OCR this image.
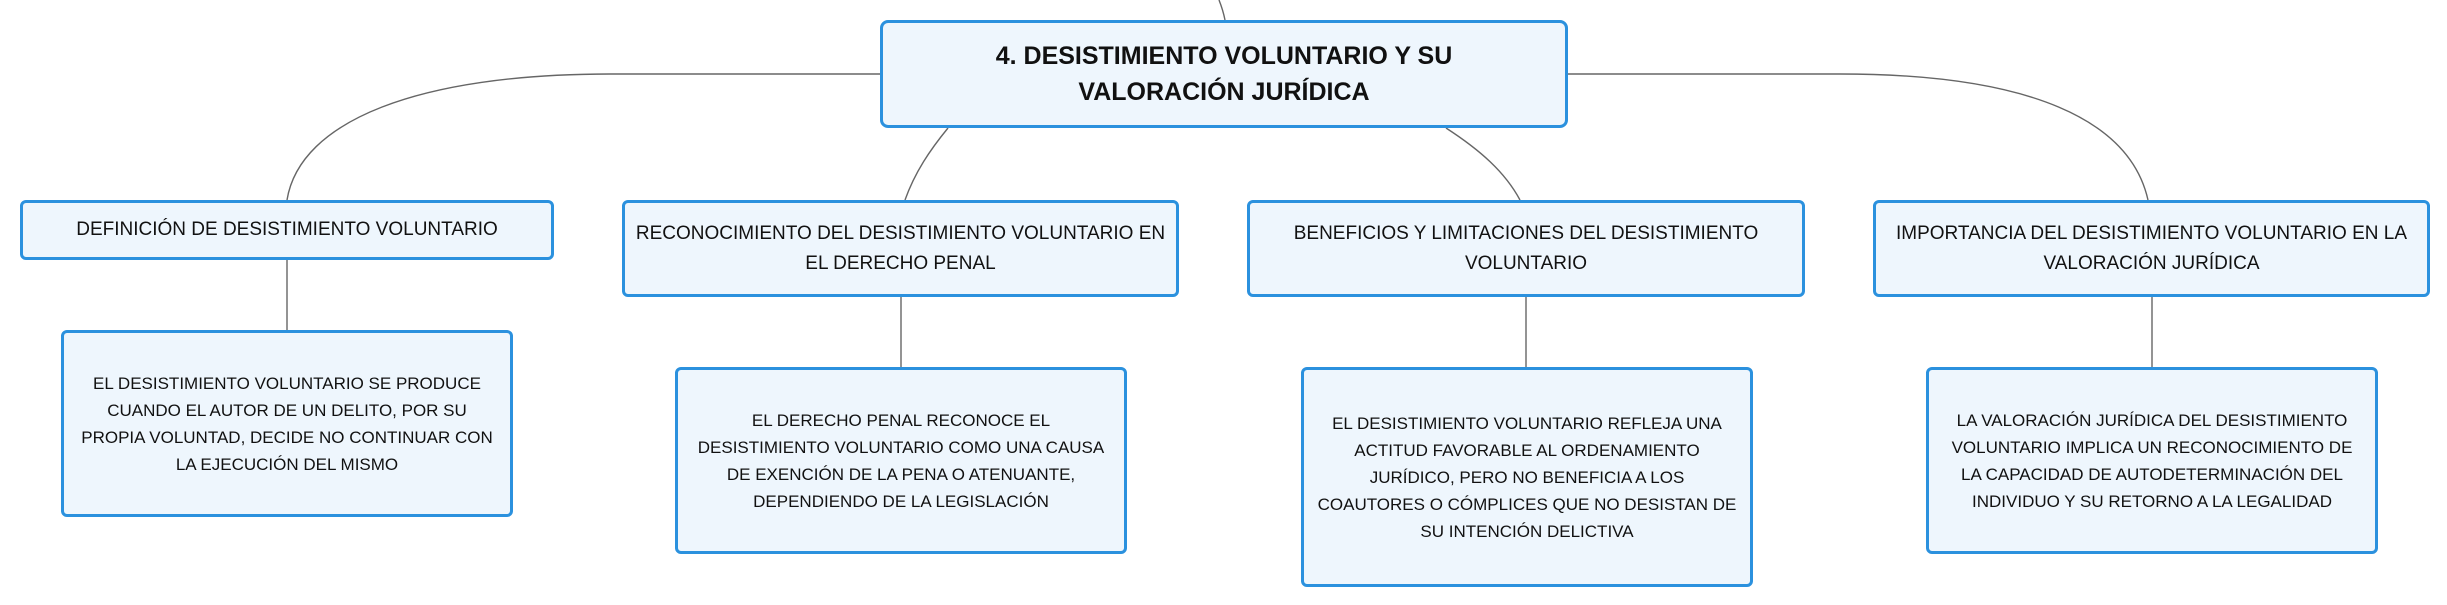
4. DESISTIMIENTO VOLUNTARIO Y SU VALORACIÓN JURÍDICA
DEFINICIÓN DE DESISTIMIENTO VOLUNTARIO	RECONOCIMIENTO DEL DESISTIMIENTO VOLUNTARIO EN EL DERECHO PENAL
BENEFICIOS Y LIMITACIONES DEL DESISTIMIENTO VOLUNTARIO
IMPORTANCIA DEL DESISTIMIENTO VOLUNTARIO EN LA VALORACIÓN JURÍDICA
EL DESISTIMIENTO VOLUNTARIO SE PRODUCE CUANDO EL AUTOR DE UN DELITO, POR SU PROPIA VOLUNTAD, DECIDE NO CONTINUAR CON LA EJECUCIÓN DEL MISMO
EL DERECHO PENAL RECONOCE EL DESISTIMIENTO VOLUNTARIO COMO UNA CAUSA DE EXENCIÓN DE LA PENA O ATENUANTE, DEPENDIENDO DE LA LEGISLACIÓN
EL DESISTIMIENTO VOLUNTARIO REFLEJA UNA ACTITUD FAVORABLE AL ORDENAMIENTO JURÍDICO, PERO NO BENEFICIA A LOS COAUTORES O CÓMPLICES QUE NO DESISTAN DE SU INTENCIÓN DELICTIVA
LA VALORACIÓN JURÍDICA DEL DESISTIMIENTO VOLUNTARIO IMPLICA UN RECONOCIMIENTO DE LA CAPACIDAD DE AUTODETERMINACIÓN DEL INDIVIDUO Y SU RETORNO A LA LEGALIDAD
